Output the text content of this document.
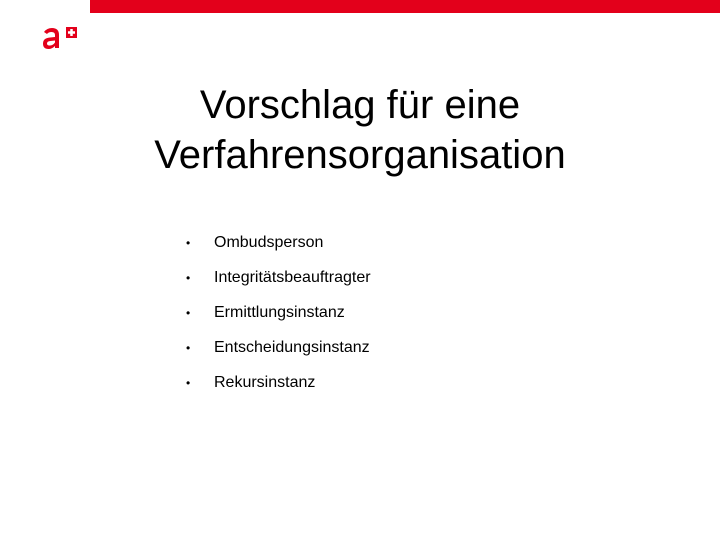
Vorschlag für eine
Verfahrensorganisation
• Ombudsperson
• Integritätsbeauftragter
• Ermittlungsinstanz
• Entscheidungsinstanz
• Rekursinstanz
